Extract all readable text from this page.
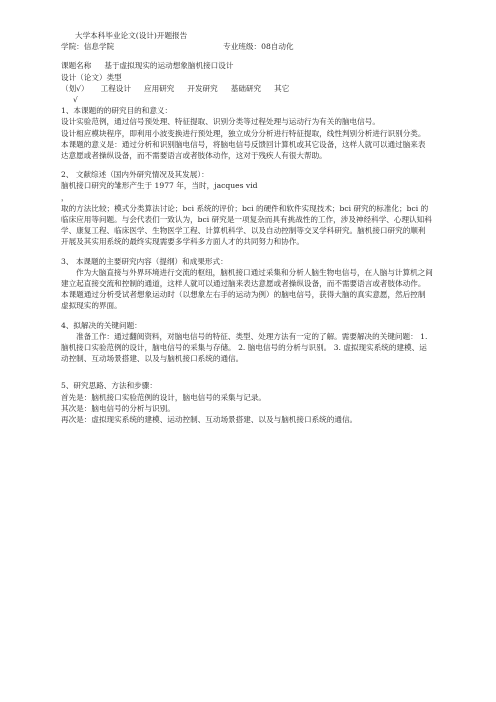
大学本科毕业论文(设计)开题报告
学院：信息学院	专业班级：08自动化
课题名称 基于虚拟现实的运动想象脑机接口设计
设计（论文）类型
（划√） 工程设计 应用研究 开发研究 基础研究 其它
√
1、本课题的的研究目的和意义：
设计实验范例，通过信号预处理、特征提取、识别分类等过程处理与运动行为有关的脑电信号。
设计相应模块程序，即利用小波变换进行预处理，独立成分分析进行特征提取，线性判别分析进行识别分类。
本课题的意义是：通过分析和识别脑电信号，将脑电信号反馈回计算机或其它设备，这样人就可以通过脑来表达意愿或者操纵设备，而不需要语言或者肢体动作，这对于残疾人有很大帮助。
2、 文献综述（国内外研究情况及其发展）：
脑机接口研究的雏形产生于 1977 年，当时，jacques vid
，
取的方法比较；模式分类算法讨论；bci 系统的评价；bci 的硬件和软件实现技术；bci 研究的标准化；bci 的临床应用等问题。与会代表们一致认为，bci 研究是一项复杂而具有挑战性的工作，涉及神经科学、心理认知科学、康复工程、临床医学、生物医学工程、计算机科学、以及自动控制等交叉学科研究。脑机接口研究的顺利开展及其实用系统的最终实现需要多学科多方面人才的共同努力和协作。
3、 本课题的主要研究内容（提纲）和成果形式：
作为大脑直接与外界环境进行交流的枢纽，脑机接口通过采集和分析人脑生物电信号，在人脑与计算机之间建立起直接交流和控制的通道，这样人就可以通过脑来表达意愿或者操纵设备，而不需要语言或者肢体动作。本课题通过分析受试者想象运动时（以想象左右手的运动为例）的脑电信号，获得大脑的真实意愿，然后控制虚拟现实的界面。
4、拟解决的关键问题：
准备工作：通过翻阅资料，对脑电信号的特征、类型、处理方法有一定的了解。需要解决的关键问题： 1. 脑机接口实验范例的设计，脑电信号的采集与存储。 2. 脑电信号的分析与识别。 3. 虚拟现实系统的建模、运动控制、互动场景搭建、以及与脑机接口系统的通信。
5、研究思路、方法和步骤：
首先是：脑机接口实验范例的设计，脑电信号的采集与记录。
其次是：脑电信号的分析与识别。
再次是：虚拟现实系统的建模、运动控制、互动场景搭建、以及与脑机接口系统的通信。
